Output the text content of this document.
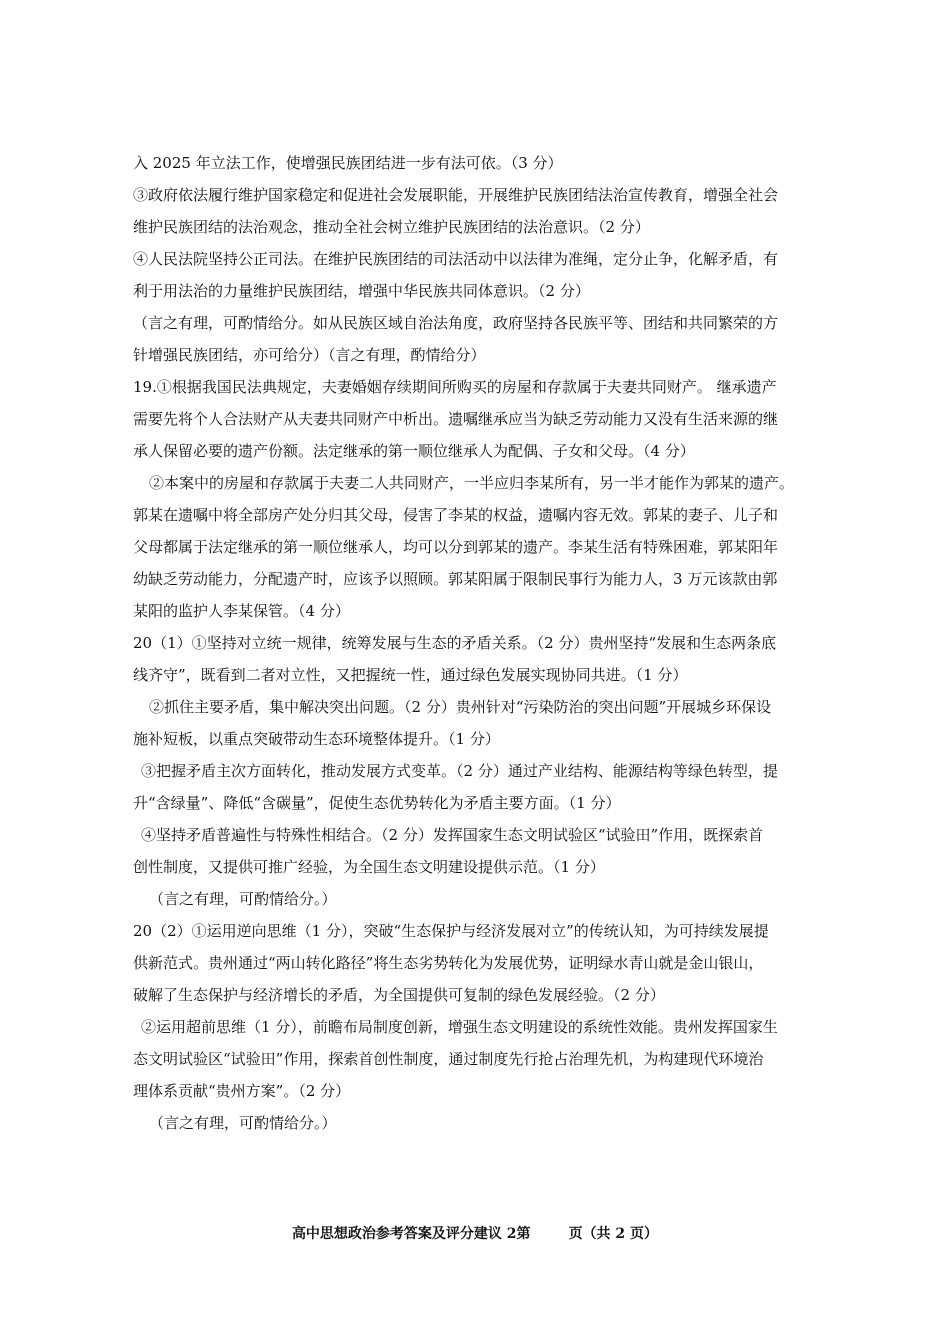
入 2025 年立法工作，使增强民族团结进一步有法可依。（3 分）

③政府依法履行维护国家稳定和促进社会发展职能，开展维护民族团结法治宣传教育，增强全社会
维护民族团结的法治观念，推动全社会树立维护民族团结的法治意识。（2 分）

④人民法院坚持公正司法。在维护民族团结的司法活动中以法律为准绳，定分止争，化解矛盾，有
利于用法治的力量维护民族团结，增强中华民族共同体意识。（2 分）

（言之有理，可酌情给分。如从民族区域自治法角度，政府坚持各民族平等、团结和共同繁荣的方
针增强民族团结，亦可给分）（言之有理，酌情给分）

19.①根据我国民法典规定，夫妻婚姻存续期间所购买的房屋和存款属于夫妻共同财产。 继承遗产
需要先将个人合法财产从夫妻共同财产中析出。遗嘱继承应当为缺乏劳动能力又没有生活来源的继
承人保留必要的遗产份额。法定继承的第一顺位继承人为配偶、子女和父母。（4 分）

②本案中的房屋和存款属于夫妻二人共同财产，一半应归李某所有，另一半才能作为郭某的遗产。
郭某在遗嘱中将全部房产处分归其父母，侵害了李某的权益，遗嘱内容无效。郭某的妻子、儿子和
父母都属于法定继承的第一顺位继承人，均可以分到郭某的遗产。李某生活有特殊困难，郭某阳年
幼缺乏劳动能力，分配遗产时，应该予以照顾。郭某阳属于限制民事行为能力人，3 万元该款由郭
某阳的监护人李某保管。（4 分）

20（1）①坚持对立统一规律，统筹发展与生态的矛盾关系。（2 分）贵州坚持“发展和生态两条底
线齐守”，既看到二者对立性，又把握统一性，通过绿色发展实现协同共进。（1 分）

②抓住主要矛盾，集中解决突出问题。（2 分）贵州针对“污染防治的突出问题”开展城乡环保设
施补短板，以重点突破带动生态环境整体提升。（1 分）

③把握矛盾主次方面转化，推动发展方式变革。（2 分）通过产业结构、能源结构等绿色转型，提
升“含绿量”、降低“含碳量”，促使生态优势转化为矛盾主要方面。（1 分）

④坚持矛盾普遍性与特殊性相结合。（2 分）发挥国家生态文明试验区“试验田”作用，既探索首
创性制度，又提供可推广经验，为全国生态文明建设提供示范。（1 分）

（言之有理，可酌情给分。）

20（2）①运用逆向思维（1 分），突破“生态保护与经济发展对立”的传统认知，为可持续发展提
供新范式。贵州通过“两山转化路径”将生态劣势转化为发展优势，证明绿水青山就是金山银山，
破解了生态保护与经济增长的矛盾，为全国提供可复制的绿色发展经验。（2 分）

②运用超前思维（1 分），前瞻布局制度创新，增强生态文明建设的系统性效能。贵州发挥国家生
态文明试验区“试验田”作用，探索首创性制度，通过制度先行抢占治理先机，为构建现代环境治
理体系贡献“贵州方案”。（2 分）

（言之有理，可酌情给分。）

高中思想政治参考答案及评分建议 2第	页（共 2 页）
